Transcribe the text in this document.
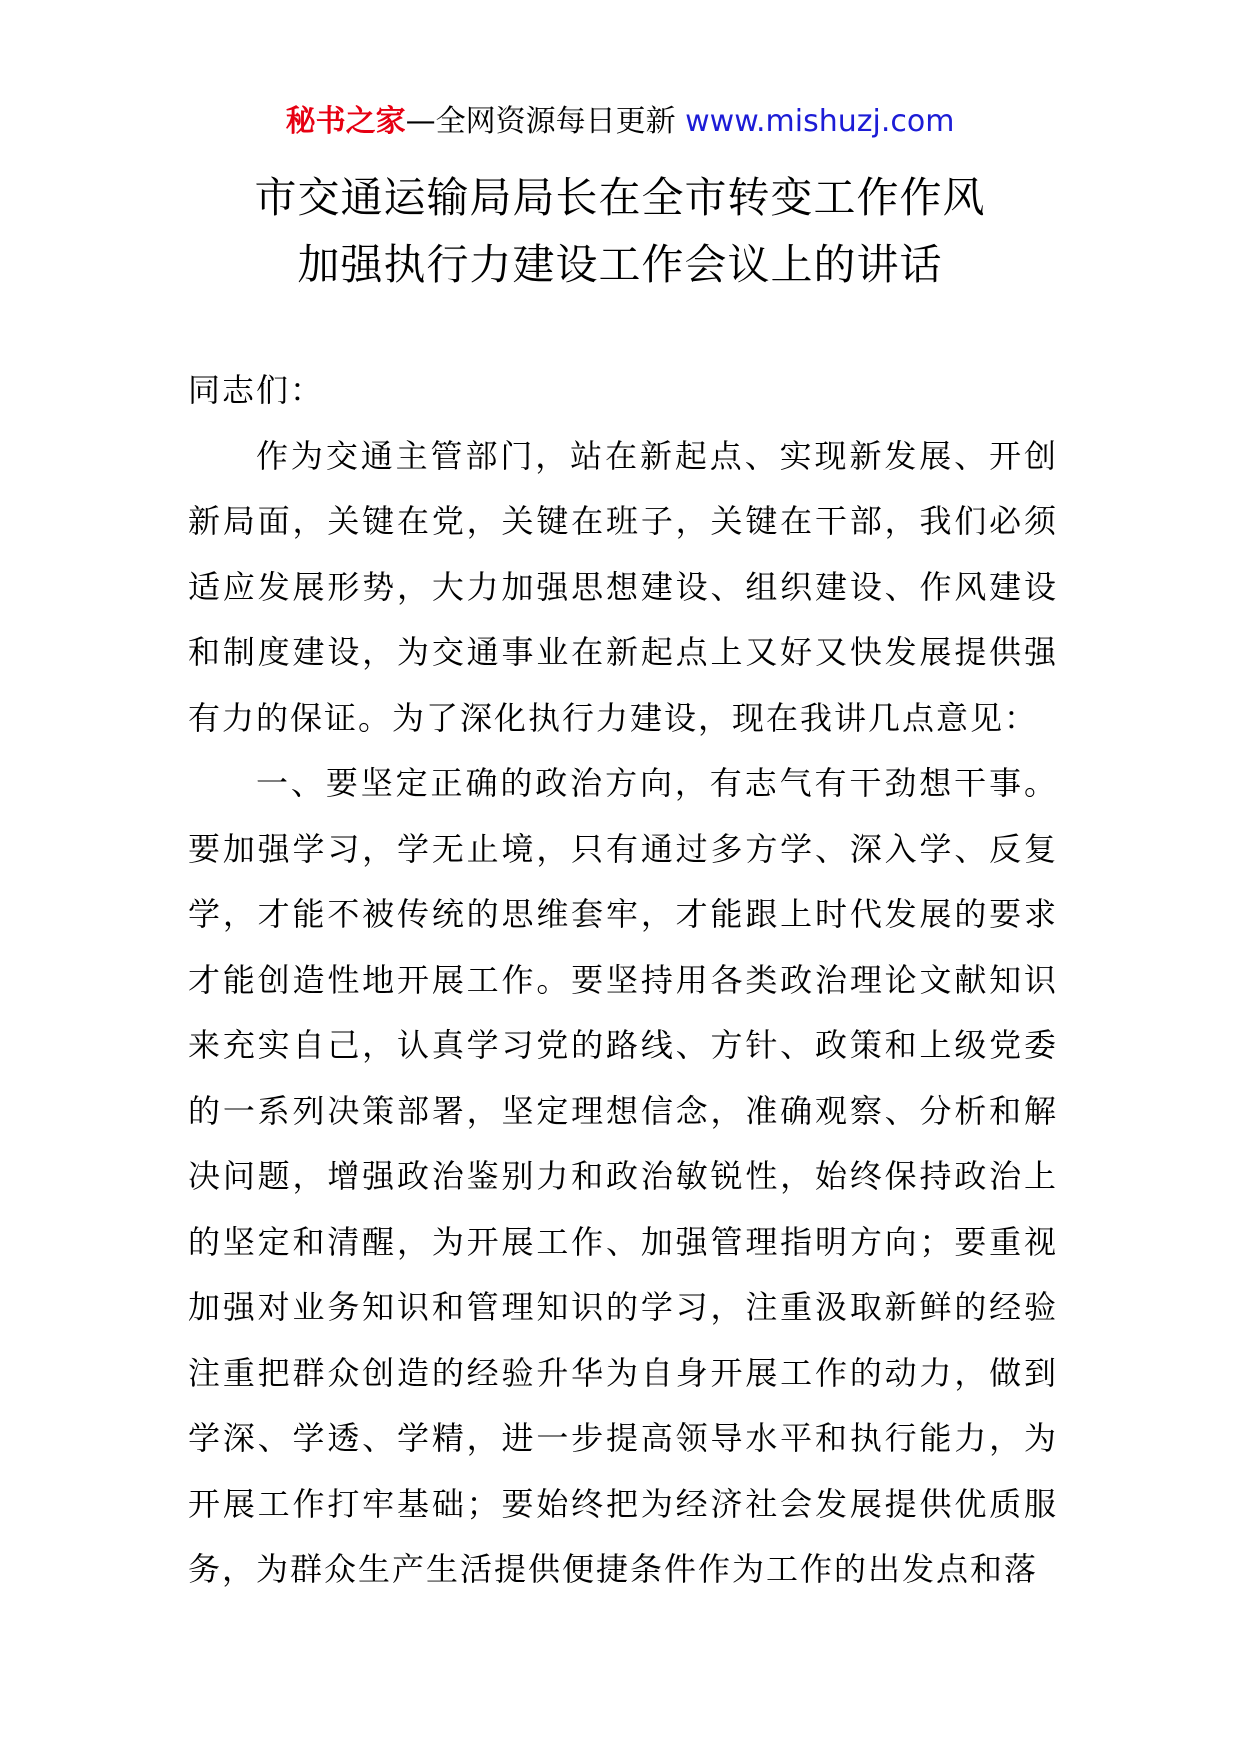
秘书之家—全网资源每日更新 www.mishuzj.com
市交通运输局局长在全市转变工作作风
加强执行力建设工作会议上的讲话

同志们：

作为交通主管部门，站在新起点、实现新发展、开创新局面，关键在党，关键在班子，关键在干部，我们必须适应发展形势，大力加强思想建设、组织建设、作风建设和制度建设，为交通事业在新起点上又好又快发展提供强有力的保证。为了深化执行力建设，现在我讲几点意见：

一、要坚定正确的政治方向，有志气有干劲想干事。要加强学习，学无止境，只有通过多方学、深入学、反复学，才能不被传统的思维套牢，才能跟上时代发展的要求才能创造性地开展工作。要坚持用各类政治理论文献知识来充实自己，认真学习党的路线、方针、政策和上级党委的一系列决策部署，坚定理想信念，准确观察、分析和解决问题，增强政治鉴别力和政治敏锐性，始终保持政治上的坚定和清醒，为开展工作、加强管理指明方向；要重视加强对业务知识和管理知识的学习，注重汲取新鲜的经验注重把群众创造的经验升华为自身开展工作的动力，做到学深、学透、学精，进一步提高领导水平和执行能力，为开展工作打牢基础；要始终把为经济社会发展提供优质服务，为群众生产生活提供便捷条件作为工作的出发点和落
